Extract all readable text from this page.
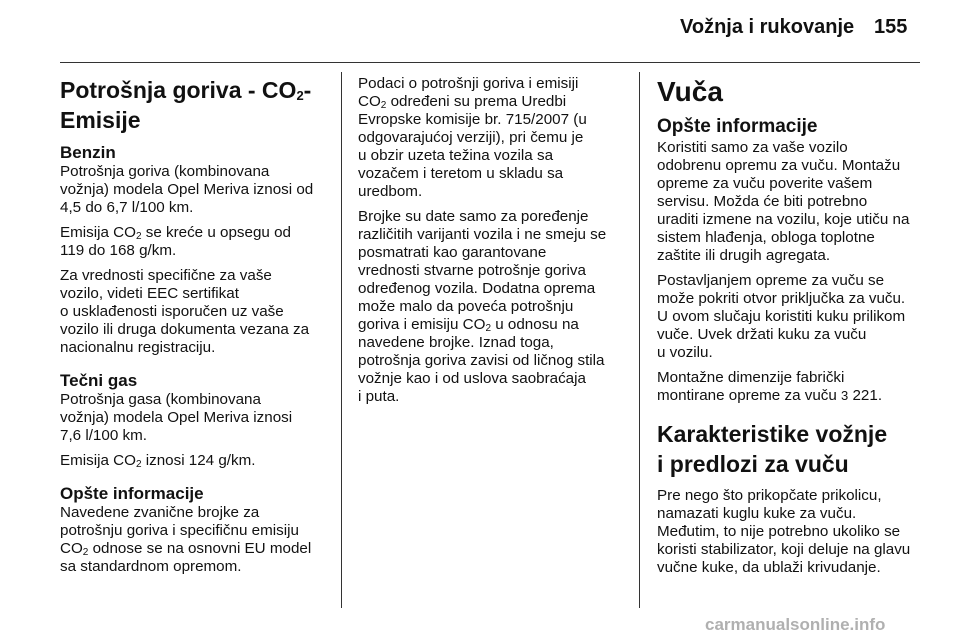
Vožnja i rukovanje 155
Potrošnja goriva - $CO_2-$
Emisije
Benzin
Potrošnja goriva (kombinovana
vožnja) modela Opel Meriva iznosi od
4,5 do 6,7 l/100 km.
Emisija $CO_2$ se kreće u opsegu od
119 do 168 g/km.
Za vrednosti specifične za vaše
vozilo, videti EEC sertifikat
o usklađenosti isporučen uz vaše
vozilo ili druga dokumenta vezana za
nacionalnu registraciju.
Tečni gas
Potrošnja gasa (kombinovana
vožnja) modela Opel Meriva iznosi
7,6 l/100 km.
Emisija $CO_2$ iznosi 124 g/km.
Opšte informacije
Navedene zvanične brojke za
potrošnju goriva i specifičnu emisiju
$CO_2$ odnose se na osnovni EU model
sa standardnom opremom.
Podaci o potrošnji goriva i emisiji
$CO_2$ određeni su prema Uredbi
Evropske komisije br. 715/2007 (u
odgovarajućoj verziji), pri čemu je
u obzir uzeta težina vozila sa
vozačem i teretom u skladu sa
uredbom.
Brojke su date samo za poređenje
različitih varijanti vozila i ne smeju se
posmatrati kao garantovane
vrednosti stvarne potrošnje goriva
određenog vozila. Dodatna oprema
može malo da poveća potrošnju
goriva i emisiju $CO_2$ u odnosu na
navedene brojke. Iznad toga,
potrošnja goriva zavisi od ličnog stila
vožnje kao i od uslova saobraćaja
i puta.
Vuča
Opšte informacije
Koristiti samo za vaše vozilo
odobrenu opremu za vuču. Montažu
opreme za vuču poverite vašem
servisu. Možda će biti potrebno
uraditi izmene na vozilu, koje utiču na
sistem hlađenja, obloga toplotne
zaštite ili drugih agregata.
Postavljanjem opreme za vuču se
može pokriti otvor priključka za vuču.
U ovom slučaju koristiti kuku prilikom
vuče. Uvek držati kuku za vuču
u vozilu.
Montažne dimenzije fabrički
montirane opreme za vuču 3 221.
Karakteristike vožnje
i predlozi za vuču
Pre nego što prikopčate prikolicu,
namazati kuglu kuke za vuču.
Međutim, to nije potrebno ukoliko se
koristi stabilizator, koji deluje na glavu
vučne kuke, da ublaži krivudanje.
carmanualsonline.info
